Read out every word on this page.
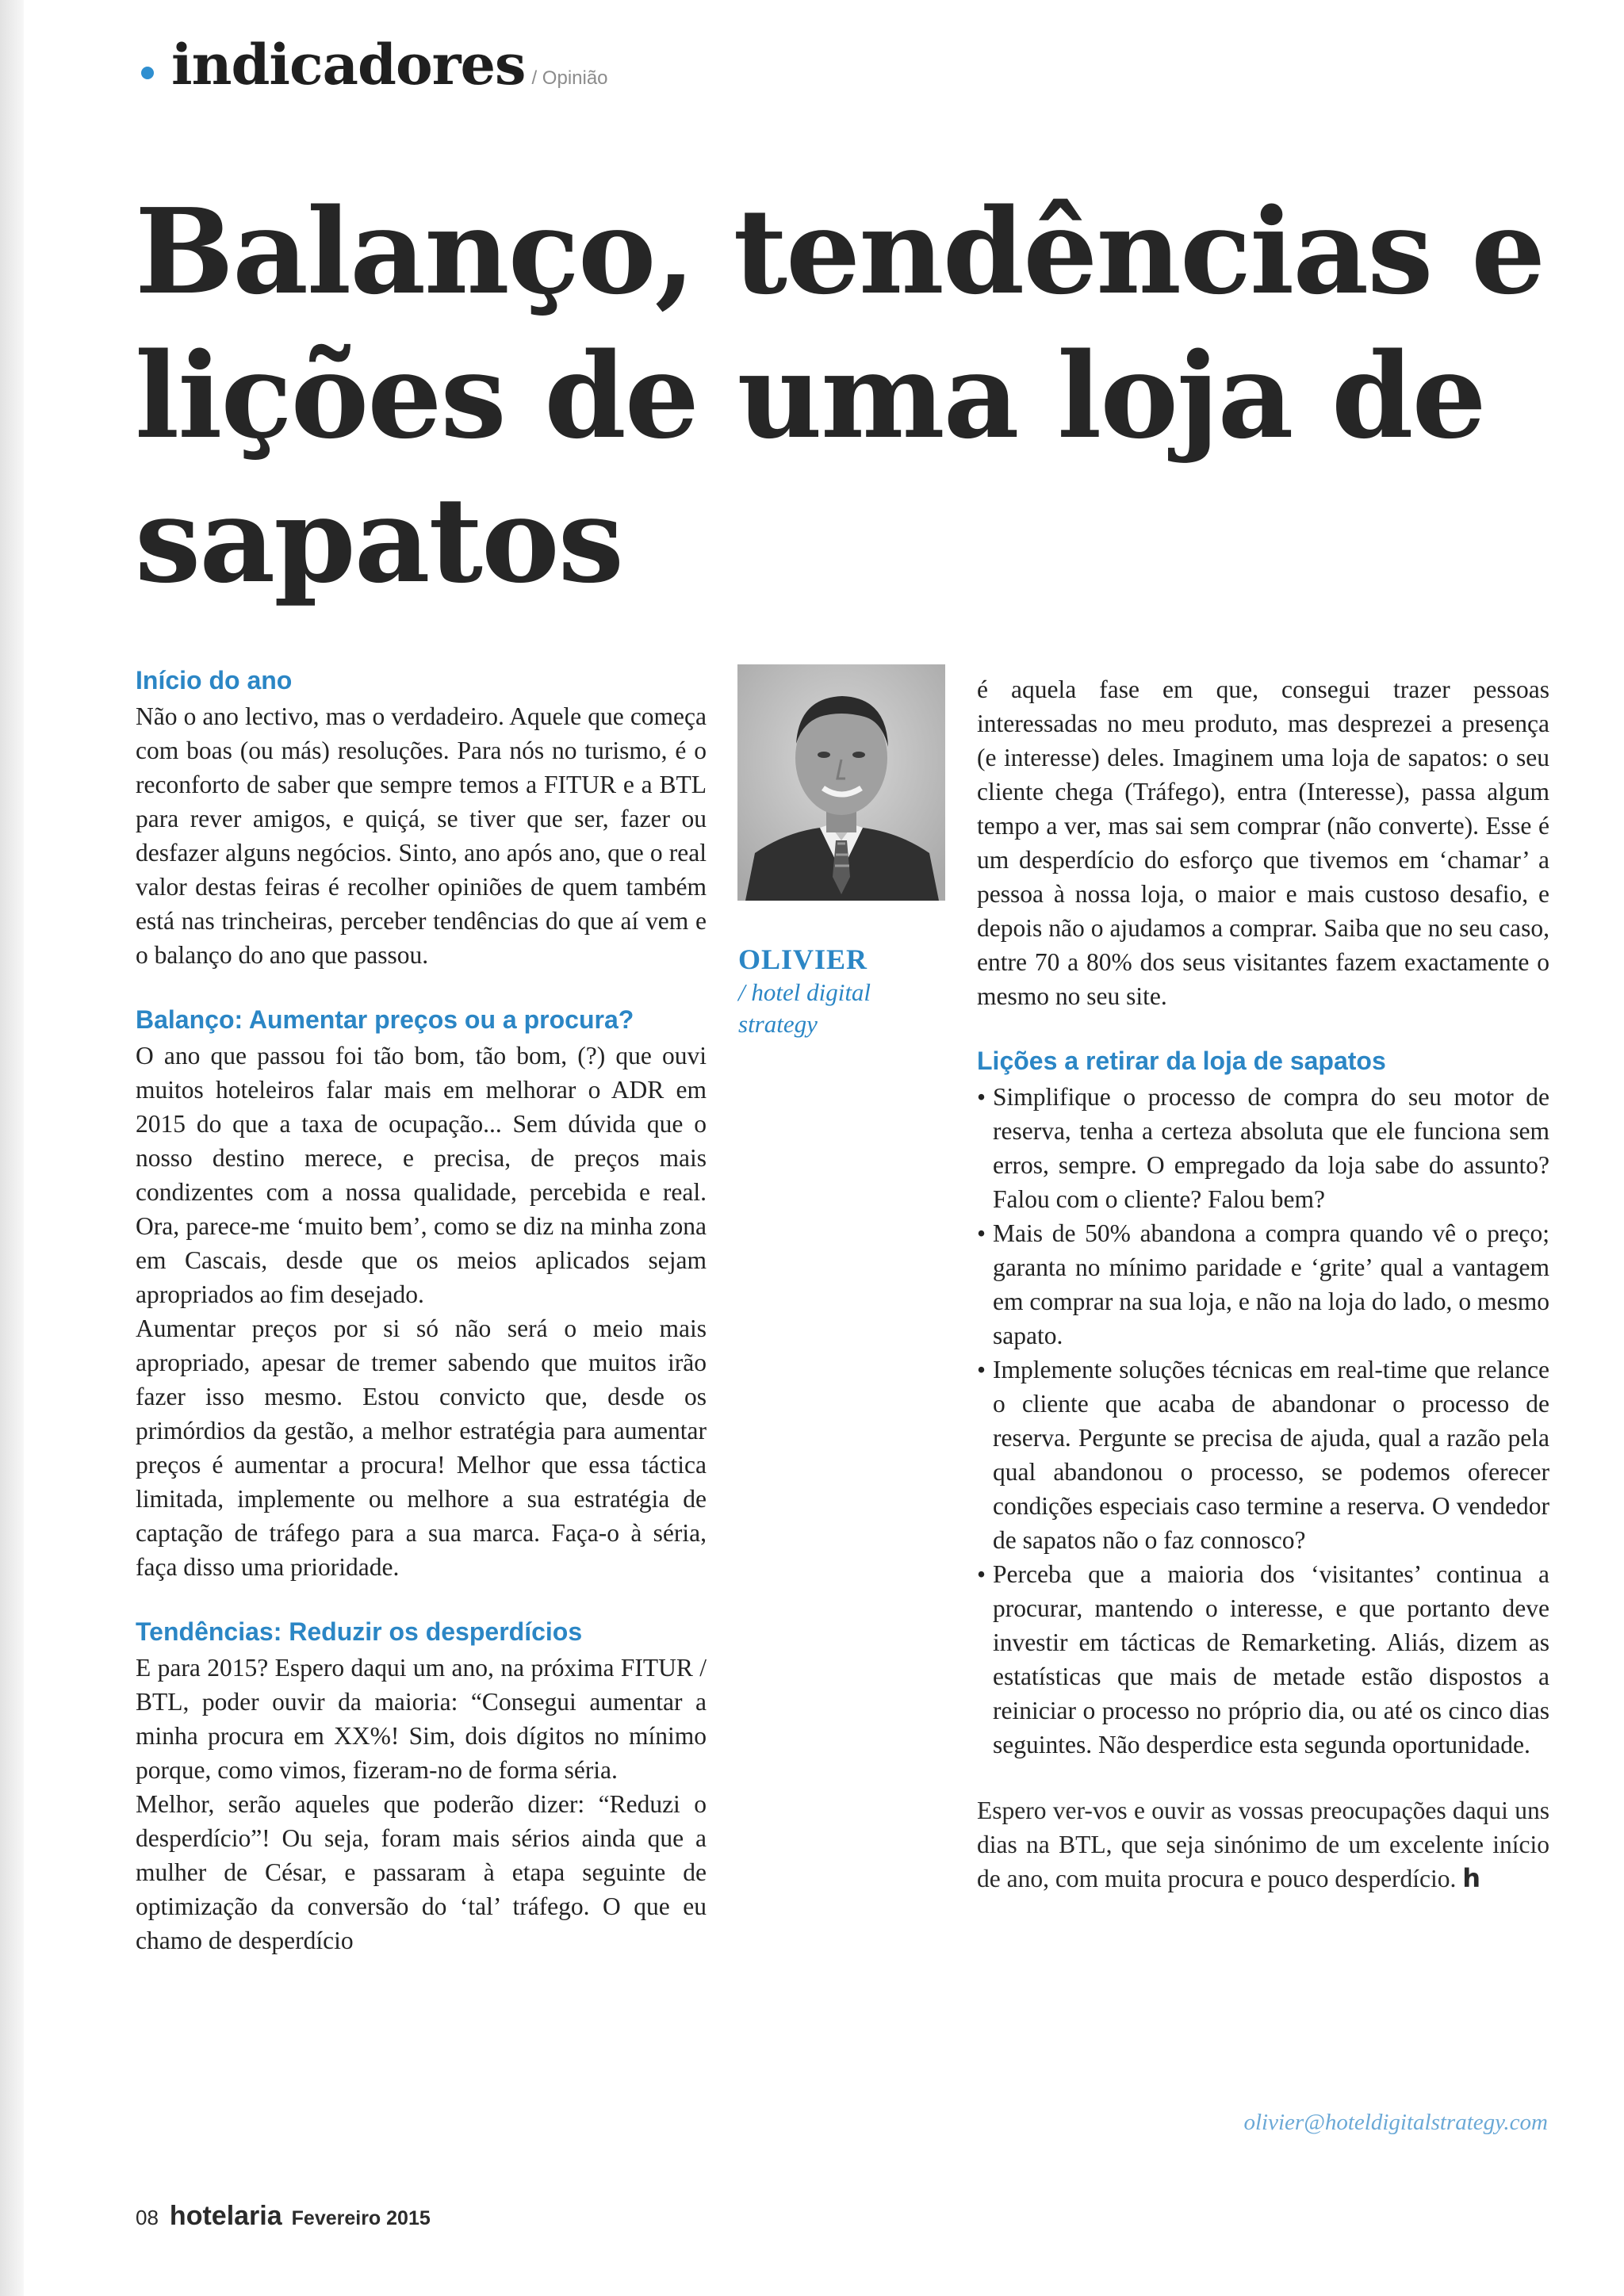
indicadores / Opinião
Balanço, tendências e lições de uma loja de sapatos
Início do ano

Não o ano lectivo, mas o verdadeiro. Aquele que começa com boas (ou más) resoluções. Para nós no turismo, é o reconforto de saber que sempre temos a FITUR e a BTL para rever amigos, e quiçá, se tiver que ser, fazer ou desfazer alguns negócios. Sinto, ano após ano, que o real valor destas feiras é recolher opiniões de quem também está nas trincheiras, perceber tendências do que aí vem e o balanço do ano que passou.

Balanço: Aumentar preços ou a procura?

O ano que passou foi tão bom, tão bom, (?) que ouvi muitos hoteleiros falar mais em melhorar o ADR em 2015 do que a taxa de ocupação... Sem dúvida que o nosso destino merece, e precisa, de preços mais condizentes com a nossa qualidade, percebida e real. Ora, parece-me ‘muito bem’, como se diz na minha zona em Cascais, desde que os meios aplicados sejam apropriados ao fim desejado.

Aumentar preços por si só não será o meio mais apropriado, apesar de tremer sabendo que muitos irão fazer isso mesmo. Estou convicto que, desde os primórdios da gestão, a melhor estratégia para aumentar preços é aumentar a procura! Melhor que essa táctica limitada, implemente ou melhore a sua estratégia de captação de tráfego para a sua marca. Faça-o à séria, faça disso uma prioridade.

Tendências: Reduzir os desperdícios

E para 2015? Espero daqui um ano, na próxima FITUR / BTL, poder ouvir da maioria: “Consegui aumentar a minha procura em XX%! Sim, dois dígitos no mínimo porque, como vimos, fizeram-no de forma séria.

Melhor, serão aqueles que poderão dizer: “Reduzi o desperdício”! Ou seja, foram mais sérios ainda que a mulher de César, e passaram à etapa seguinte de optimização da conversão do ‘tal’ tráfego. O que eu chamo de desperdício

OLIVIER
/ hotel digital strategy

é aquela fase em que, consegui trazer pessoas interessadas no meu produto, mas desprezei a presença (e interesse) deles. Imaginem uma loja de sapatos: o seu cliente chega (Tráfego), entra (Interesse), passa algum tempo a ver, mas sai sem comprar (não converte). Esse é um desperdício do esforço que tivemos em ‘chamar’ a pessoa à nossa loja, o maior e mais custoso desafio, e depois não o ajudamos a comprar. Saiba que no seu caso, entre 70 a 80% dos seus visitantes fazem exactamente o mesmo no seu site.

Lições a retirar da loja de sapatos
• Simplifique o processo de compra do seu motor de reserva, tenha a certeza absoluta que ele funciona sem erros, sempre. O empregado da loja sabe do assunto? Falou com o cliente? Falou bem?
• Mais de 50% abandona a compra quando vê o preço; garanta no mínimo paridade e ‘grite’ qual a vantagem em comprar na sua loja, e não na loja do lado, o mesmo sapato.
• Implemente soluções técnicas em real-time que relance o cliente que acaba de abandonar o processo de reserva. Pergunte se precisa de ajuda, qual a razão pela qual abandonou o processo, se podemos oferecer condições especiais caso termine a reserva. O vendedor de sapatos não o faz connosco?
• Perceba que a maioria dos ‘visitantes’ continua a procurar, mantendo o interesse, e que portanto deve investir em tácticas de Remarketing. Aliás, dizem as estatísticas que mais de metade estão dispostos a reiniciar o processo no próprio dia, ou até os cinco dias seguintes. Não desperdice esta segunda oportunidade.

Espero ver-vos e ouvir as vossas preocupações daqui uns dias na BTL, que seja sinónimo de um excelente início de ano, com muita procura e pouco desperdício. h

olivier@hoteldigitalstrategy.com
08 hotelaria Fevereiro 2015
